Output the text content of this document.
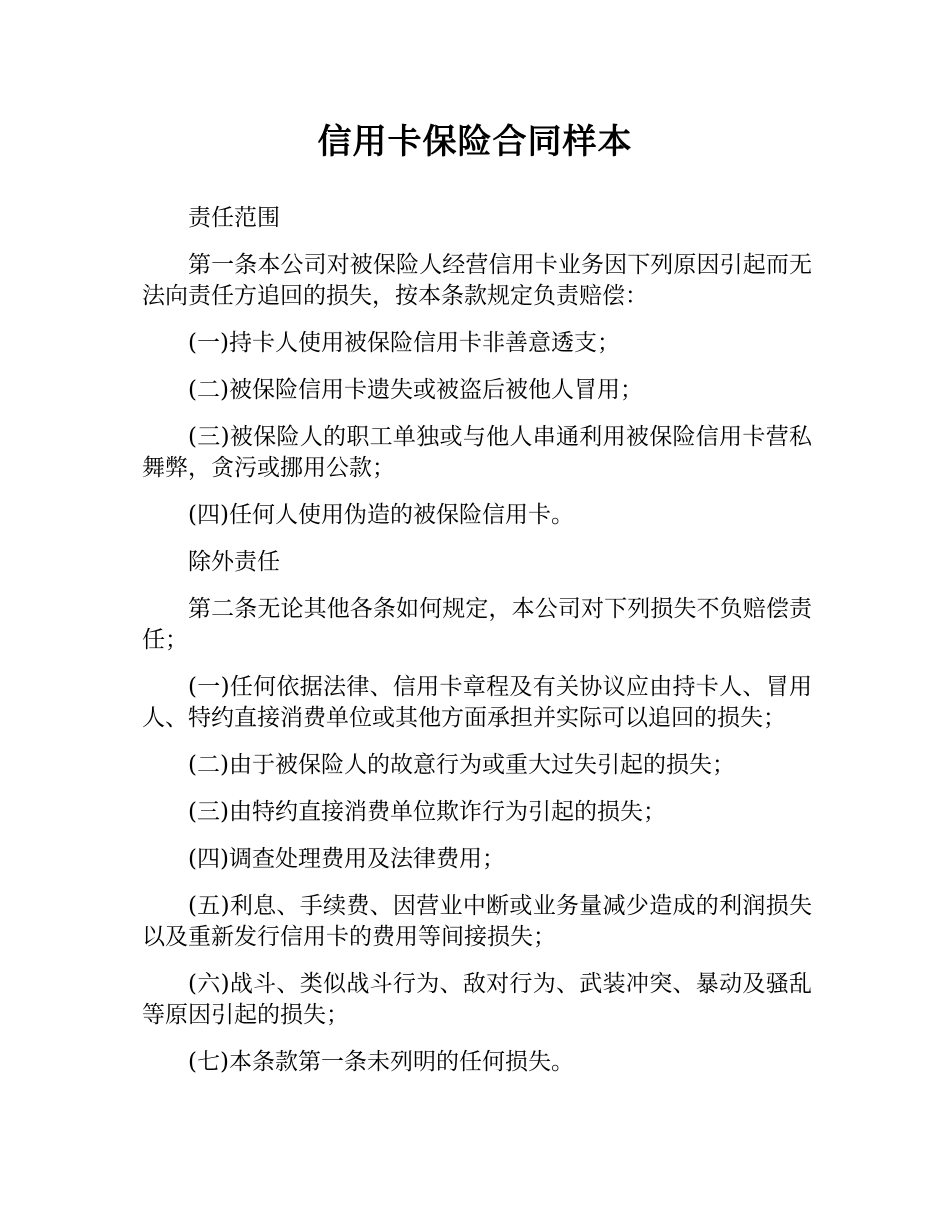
信用卡保险合同样本

责任范围

第一条本公司对被保险人经营信用卡业务因下列原因引起而无法向责任方追回的损失，按本条款规定负责赔偿：

(一)持卡人使用被保险信用卡非善意透支；

(二)被保险信用卡遗失或被盗后被他人冒用；

(三)被保险人的职工单独或与他人串通利用被保险信用卡营私舞弊，贪污或挪用公款；

(四)任何人使用伪造的被保险信用卡。

除外责任

第二条无论其他各条如何规定，本公司对下列损失不负赔偿责任；

(一)任何依据法律、信用卡章程及有关协议应由持卡人、冒用人、特约直接消费单位或其他方面承担并实际可以追回的损失；

(二)由于被保险人的故意行为或重大过失引起的损失；

(三)由特约直接消费单位欺诈行为引起的损失；

(四)调查处理费用及法律费用；

(五)利息、手续费、因营业中断或业务量减少造成的利润损失以及重新发行信用卡的费用等间接损失；

(六)战斗、类似战斗行为、敌对行为、武装冲突、暴动及骚乱等原因引起的损失；

(七)本条款第一条未列明的任何损失。
